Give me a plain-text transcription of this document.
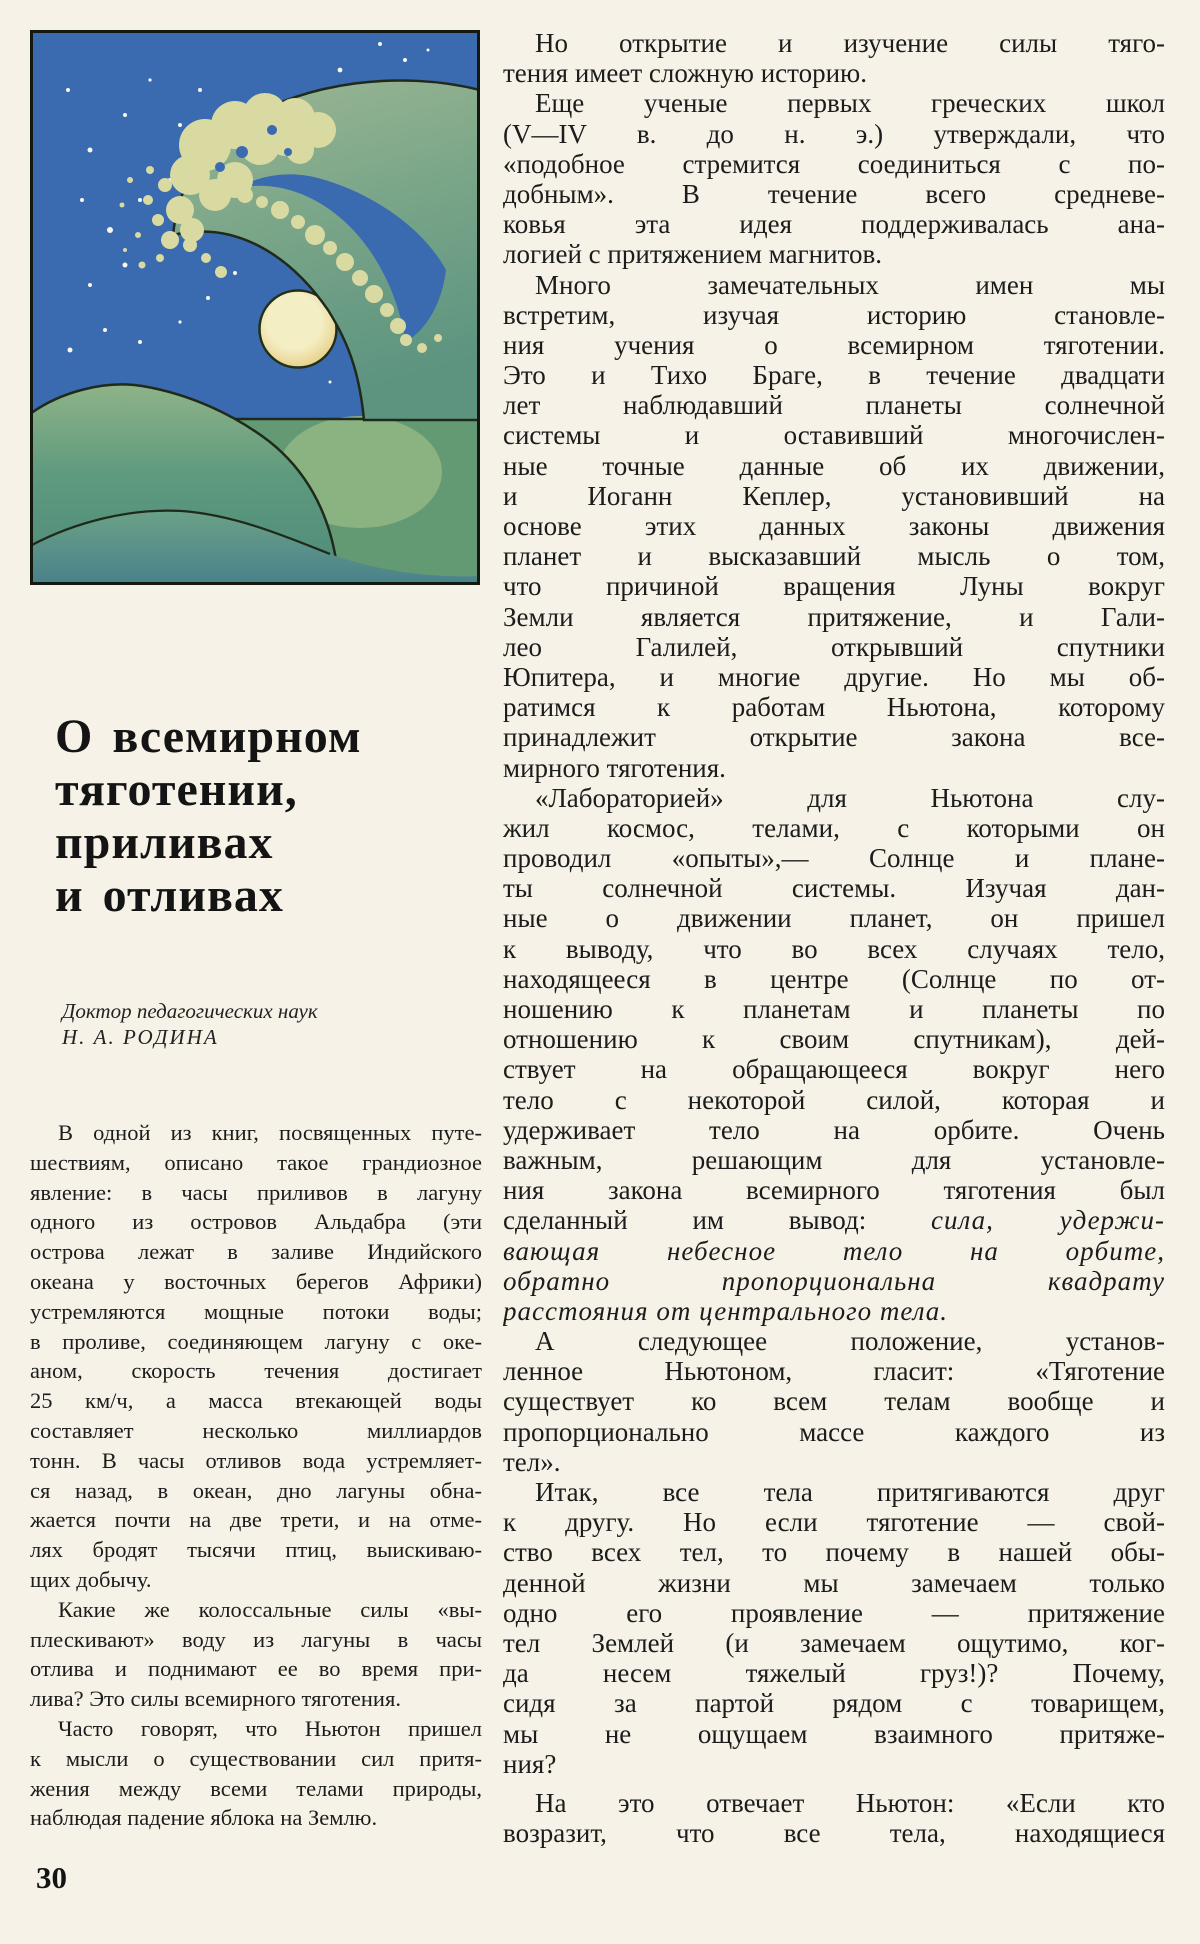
О всемирном
тяготении,
приливах
и отливах
Доктор педагогических наук
Н. А. РОДИНА
В одной из книг, посвященных путе-
шествиям, описано такое грандиозное
явление: в часы приливов в лагуну
одного из островов Альдабра (эти
острова лежат в заливе Индийского
океана у восточных берегов Африки)
устремляются мощные потоки воды;
в проливе, соединяющем лагуну с оке-
аном, скорость течения достигает
25 км/ч, а масса втекающей воды
составляет несколько миллиардов
тонн. В часы отливов вода устремляет-
ся назад, в океан, дно лагуны обна-
жается почти на две трети, и на отме-
лях бродят тысячи птиц, выискиваю-
щих добычу.
Какие же колоссальные силы «вы-
плескивают» воду из лагуны в часы
отлива и поднимают ее во время при-
лива? Это силы всемирного тяготения.
Часто говорят, что Ньютон пришел
к мысли о существовании сил притя-
жения между всеми телами природы,
наблюдая падение яблока на Землю.
Но открытие и изучение силы тяго-
тения имеет сложную историю.
Еще ученые первых греческих школ
(V—IV в. до н. э.) утверждали, что
«подобное стремится соединиться с по-
добным». В течение всего средневе-
ковья эта идея поддерживалась ана-
логией с притяжением магнитов.
Много замечательных имен мы
встретим, изучая историю становле-
ния учения о всемирном тяготении.
Это и Тихо Браге, в течение двадцати
лет наблюдавший планеты солнечной
системы и оставивший многочислен-
ные точные данные об их движении,
и Иоганн Кеплер, установивший на
основе этих данных законы движения
планет и высказавший мысль о том,
что причиной вращения Луны вокруг
Земли является притяжение, и Гали-
лео Галилей, открывший спутники
Юпитера, и многие другие. Но мы об-
ратимся к работам Ньютона, которому
принадлежит открытие закона все-
мирного тяготения.
«Лабораторией» для Ньютона слу-
жил космос, телами, с которыми он
проводил «опыты»,— Солнце и плане-
ты солнечной системы. Изучая дан-
ные о движении планет, он пришел
к выводу, что во всех случаях тело,
находящееся в центре (Солнце по от-
ношению к планетам и планеты по
отношению к своим спутникам), дей-
ствует на обращающееся вокруг него
тело с некоторой силой, которая и
удерживает тело на орбите. Очень
важным, решающим для установле-
ния закона всемирного тяготения был
сделанный им вывод: сила, удержи-
вающая небесное тело на орбите,
обратно пропорциональна квадрату
расстояния от центрального тела.
А следующее положение, установ-
ленное Ньютоном, гласит: «Тяготение
существует ко всем телам вообще и
пропорционально массе каждого из
тел».
Итак, все тела притягиваются друг
к другу. Но если тяготение — свой-
ство всех тел, то почему в нашей обы-
денной жизни мы замечаем только
одно его проявление — притяжение
тел Землей (и замечаем ощутимо, ког-
да несем тяжелый груз!)? Почему,
сидя за партой рядом с товарищем,
мы не ощущаем взаимного притяже-
ния?
На это отвечает Ньютон: «Если кто
возразит, что все тела, находящиеся
30
